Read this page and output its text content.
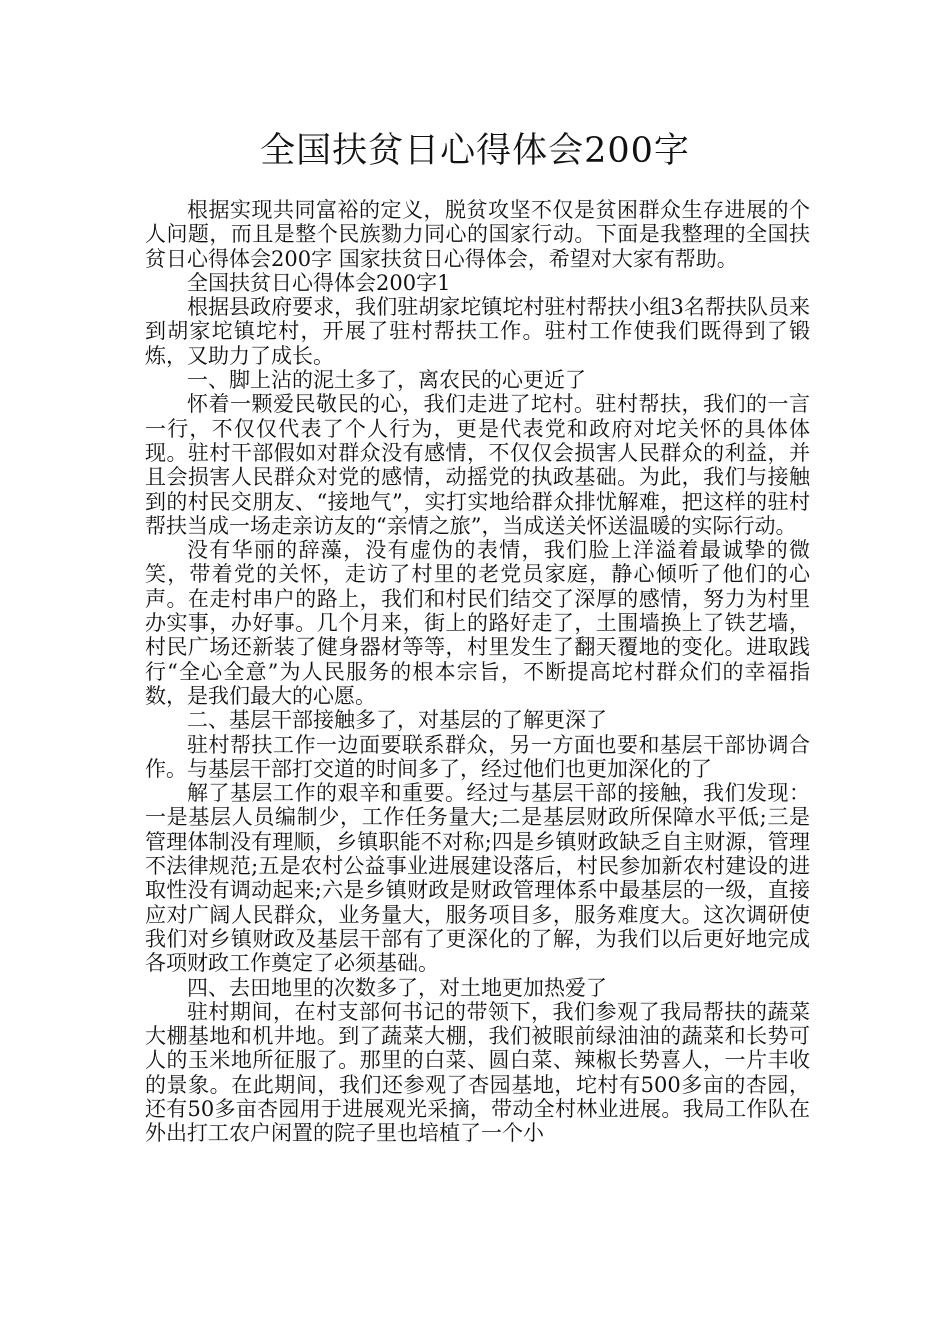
全国扶贫日心得体会200字

根据实现共同富裕的定义，脱贫攻坚不仅是贫困群众生存进展的个人问题，而且是整个民族勠力同心的国家行动。下面是我整理的全国扶贫日心得体会200字 国家扶贫日心得体会，希望对大家有帮助。

全国扶贫日心得体会200字1

根据县政府要求，我们驻胡家坨镇坨村驻村帮扶小组3名帮扶队员来到胡家坨镇坨村，开展了驻村帮扶工作。驻村工作使我们既得到了锻炼，又助力了成长。

一、脚上沾的泥土多了，离农民的心更近了

怀着一颗爱民敬民的心，我们走进了坨村。驻村帮扶，我们的一言一行，不仅仅代表了个人行为，更是代表党和政府对坨关怀的具体体现。驻村干部假如对群众没有感情，不仅仅会损害人民群众的利益，并且会损害人民群众对党的感情，动摇党的执政基础。为此，我们与接触到的村民交朋友、“接地气”，实打实地给群众排忧解难，把这样的驻村帮扶当成一场走亲访友的“亲情之旅”，当成送关怀送温暖的实际行动。

没有华丽的辞藻，没有虚伪的表情，我们脸上洋溢着最诚挚的微笑，带着党的关怀，走访了村里的老党员家庭，静心倾听了他们的心声。在走村串户的路上，我们和村民们结交了深厚的感情，努力为村里办实事，办好事。几个月来，街上的路好走了，土围墙换上了铁艺墙，村民广场还新装了健身器材等等，村里发生了翻天覆地的变化。进取践行“全心全意”为人民服务的根本宗旨，不断提高坨村群众们的幸福指数，是我们最大的心愿。

二、基层干部接触多了，对基层的了解更深了

驻村帮扶工作一边面要联系群众，另一方面也要和基层干部协调合作。与基层干部打交道的时间多了，经过他们也更加深化的了

解了基层工作的艰辛和重要。经过与基层干部的接触，我们发现：一是基层人员编制少，工作任务量大;二是基层财政所保障水平低;三是管理体制没有理顺，乡镇职能不对称;四是乡镇财政缺乏自主财源，管理不法律规范;五是农村公益事业进展建设落后，村民参加新农村建设的进取性没有调动起来;六是乡镇财政是财政管理体系中最基层的一级，直接应对广阔人民群众，业务量大，服务项目多，服务难度大。这次调研使我们对乡镇财政及基层干部有了更深化的了解，为我们以后更好地完成各项财政工作奠定了必须基础。

四、去田地里的次数多了，对土地更加热爱了

驻村期间，在村支部何书记的带领下，我们参观了我局帮扶的蔬菜大棚基地和机井地。到了蔬菜大棚，我们被眼前绿油油的蔬菜和长势可人的玉米地所征服了。那里的白菜、圆白菜、辣椒长势喜人，一片丰收的景象。在此期间，我们还参观了杏园基地，坨村有500多亩的杏园，还有50多亩杏园用于进展观光采摘，带动全村林业进展。我局工作队在外出打工农户闲置的院子里也培植了一个小
